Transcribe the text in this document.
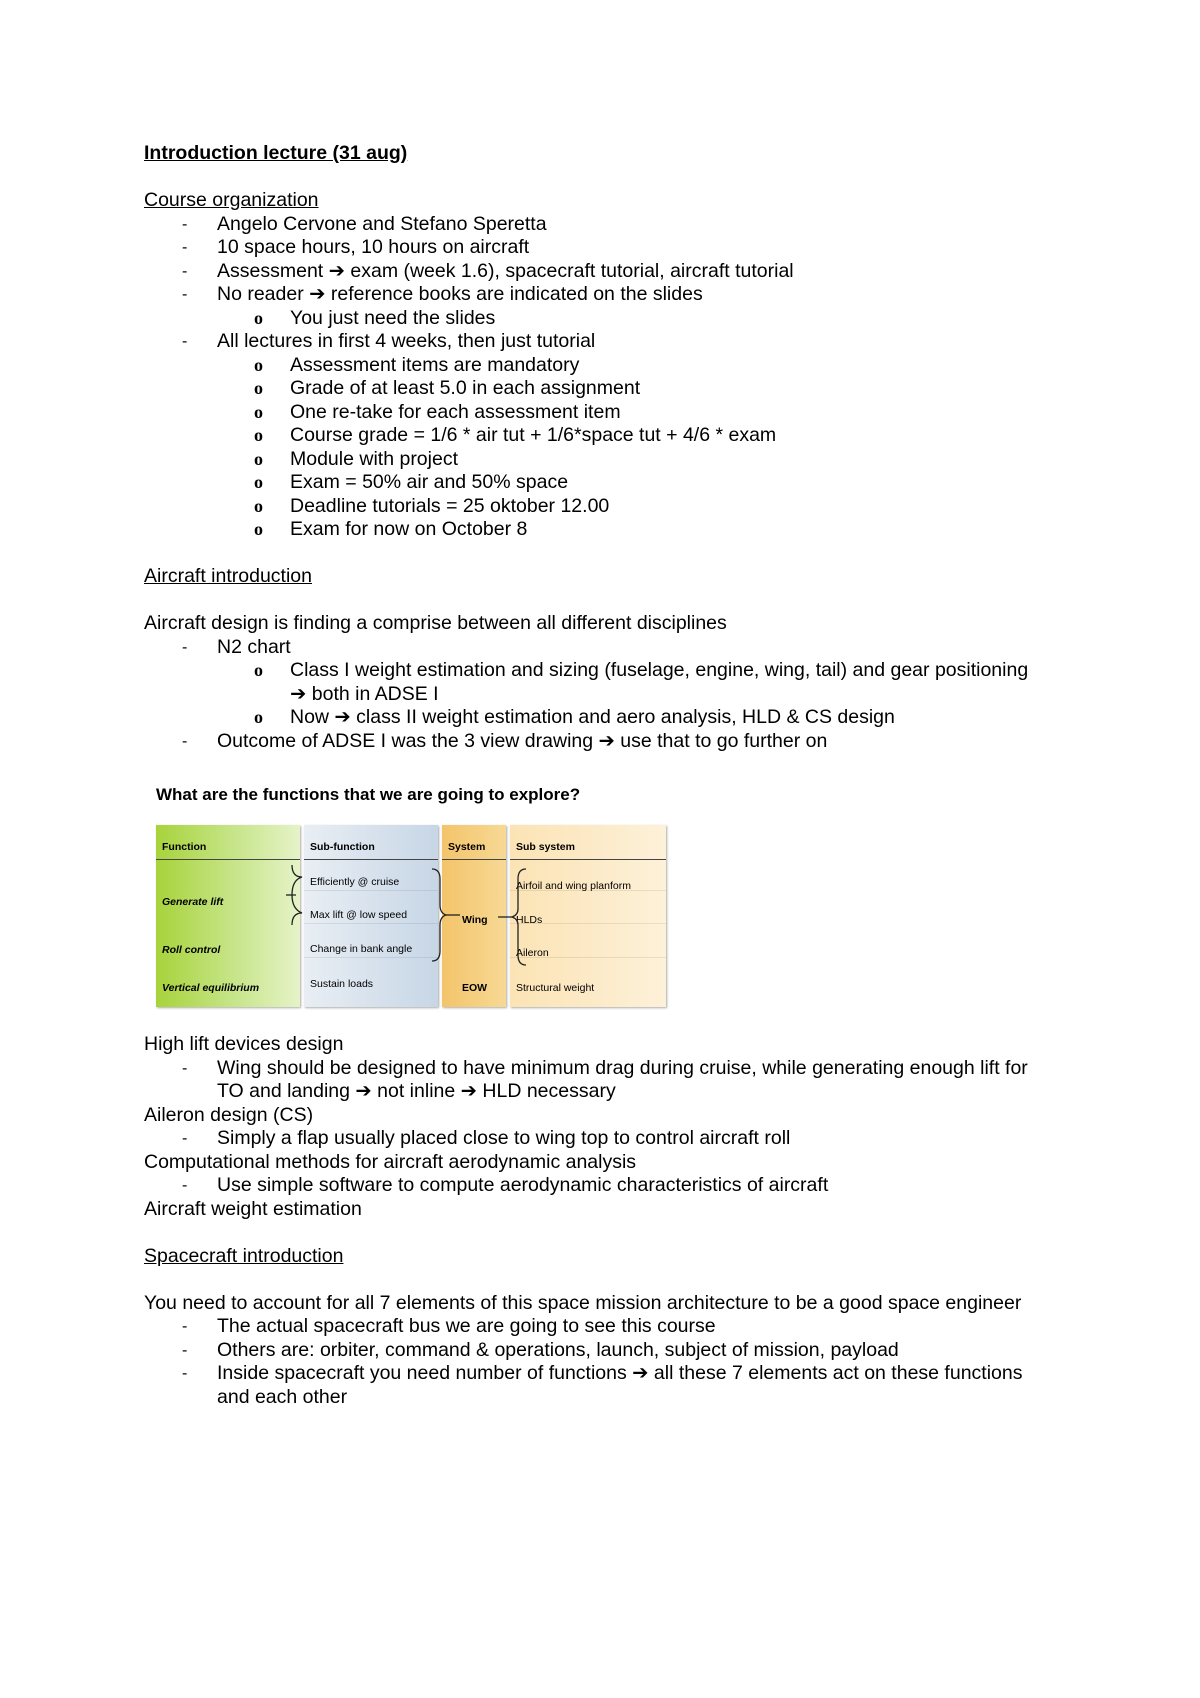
Introduction lecture (31 aug)

Course organization

- Angelo Cervone and Stefano Speretta
- 10 space hours, 10 hours on aircraft
- Assessment ➔ exam (week 1.6), spacecraft tutorial, aircraft tutorial
- No reader ➔ reference books are indicated on the slides
o You just need the slides
- All lectures in first 4 weeks, then just tutorial
o Assessment items are mandatory
o Grade of at least 5.0 in each assignment
o One re-take for each assessment item
o Course grade = 1/6 * air tut + 1/6*space tut + 4/6 * exam
o Module with project
o Exam = 50% air and 50% space
o Deadline tutorials = 25 oktober 12.00
o Exam for now on October 8

Aircraft introduction

Aircraft design is finding a comprise between all different disciplines

- N2 chart
o Class I weight estimation and sizing (fuselage, engine, wing, tail) and gear positioning
➔ both in ADSE I
o Now ➔ class II weight estimation and aero analysis, HLD & CS design
- Outcome of ADSE I was the 3 view drawing ➔ use that to go further on

What are the functions that we are going to explore?

Function
Generate lift
Roll control
Vertical equilibrium
Sub-function
Efficiently @ cruise
Max lift @ low speed
Change in bank angle
Sustain loads
System
Wing
EOW
Sub system
Airfoil and wing planform
HLDs
Aileron
Structural weight

High lift devices design

- Wing should be designed to have minimum drag during cruise, while generating enough lift for
TO and landing ➔ not inline ➔ HLD necessary

Aileron design (CS)

- Simply a flap usually placed close to wing top to control aircraft roll

Computational methods for aircraft aerodynamic analysis

- Use simple software to compute aerodynamic characteristics of aircraft

Aircraft weight estimation

Spacecraft introduction

You need to account for all 7 elements of this space mission architecture to be a good space engineer

- The actual spacecraft bus we are going to see this course
- Others are: orbiter, command & operations, launch, subject of mission, payload
- Inside spacecraft you need number of functions ➔ all these 7 elements act on these functions
and each other
